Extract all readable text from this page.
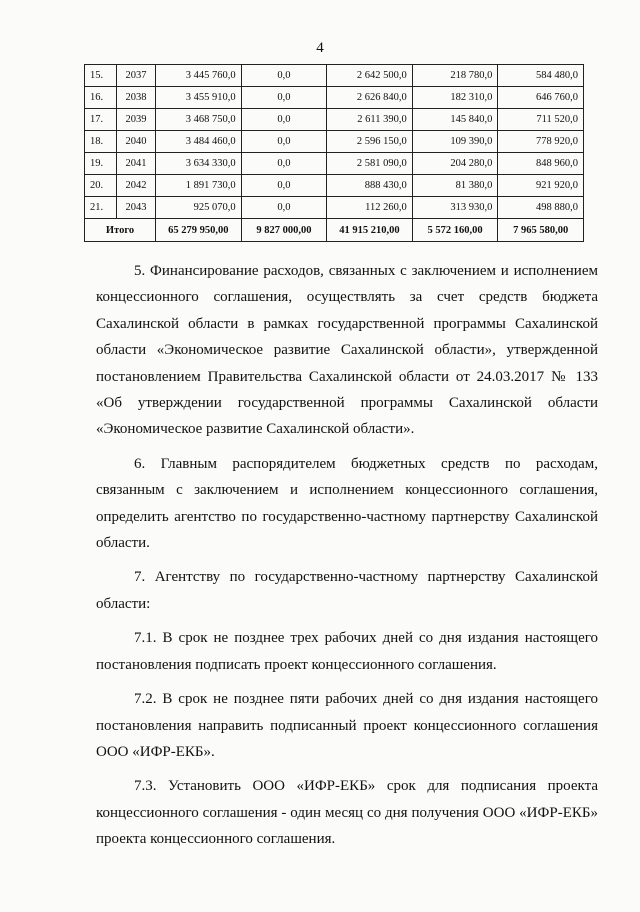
4
15.	2037	3 445 760,0	0,0	2 642 500,0	218 780,0	584 480,0
16.	2038	3 455 910,0	0,0	2 626 840,0	182 310,0	646 760,0
17.	2039	3 468 750,0	0,0	2 611 390,0	145 840,0	711 520,0
18.	2040	3 484 460,0	0,0	2 596 150,0	109 390,0	778 920,0
19.	2041	3 634 330,0	0,0	2 581 090,0	204 280,0	848 960,0
20.	2042	1 891 730,0	0,0	888 430,0	81 380,0	921 920,0
21.	2043	925 070,0	0,0	112 260,0	313 930,0	498 880,0
Итого		65 279 950,00	9 827 000,00	41 915 210,00	5 572 160,00	7 965 580,00

5. Финансирование расходов, связанных с заключением и исполнением концессионного соглашения, осуществлять за счет средств бюджета Сахалинской области в рамках государственной программы Сахалинской области «Экономическое развитие Сахалинской области», утвержденной постановлением Правительства Сахалинской области от 24.03.2017 № 133 «Об утверждении государственной программы Сахалинской области «Экономическое развитие Сахалинской области».

6. Главным распорядителем бюджетных средств по расходам, связанным с заключением и исполнением концессионного соглашения, определить агентство по государственно-частному партнерству Сахалинской области.

7. Агентству по государственно-частному партнерству Сахалинской области:

7.1. В срок не позднее трех рабочих дней со дня издания настоящего постановления подписать проект концессионного соглашения.

7.2. В срок не позднее пяти рабочих дней со дня издания настоящего постановления направить подписанный проект концессионного соглашения ООО «ИФР-ЕКБ».

7.3. Установить ООО «ИФР-ЕКБ» срок для подписания проекта концессионного соглашения - один месяц со дня получения ООО «ИФР-ЕКБ» проекта концессионного соглашения.
